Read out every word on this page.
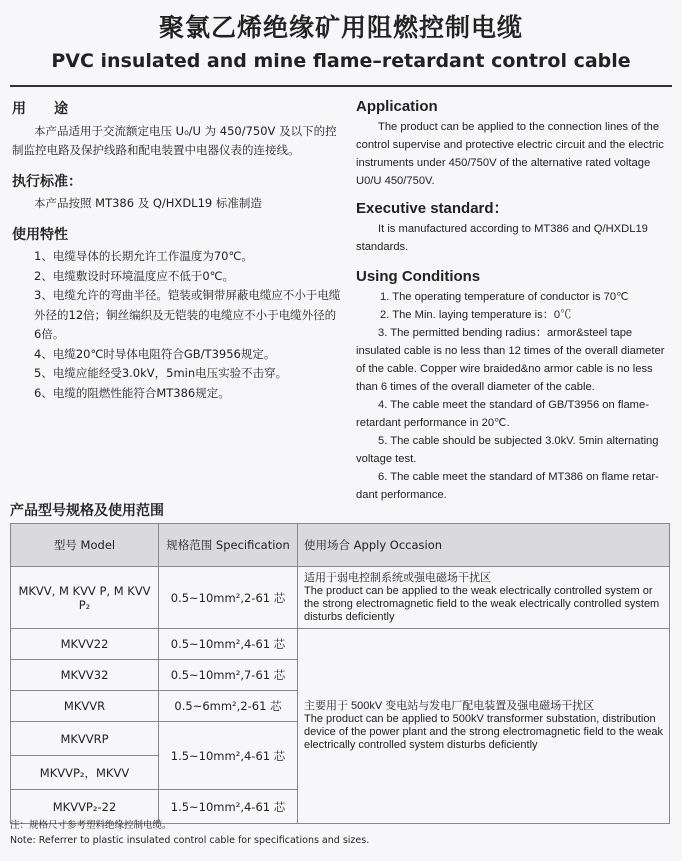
聚氯乙烯绝缘矿用阻燃控制电缆
PVC insulated and mine flame–retardant control cable
用　　途
本产品适用于交流额定电压 U₀/U 为 450/750V 及以下的控制监控电路及保护线路和配电装置中电器仪表的连接线。
执行标准：
本产品按照 MT386 及 Q/HXDL19 标准制造
使用特性
1、电缆导体的长期允许工作温度为70℃。
2、电缆敷设时环境温度应不低于0℃。
3、电缆允许的弯曲半径。铠装或铜带屏蔽电缆应不小于电缆外径的12倍；铜丝编织及无铠装的电缆应不小于电缆外径的6倍。
4、电缆20℃时导体电阻符合GB/T3956规定。
5、电缆应能经受3.0kV，5min电压实验不击穿。
6、电缆的阻燃性能符合MT386规定。
Application
The product can be applied to the connection lines of the control supervise and protective electric circuit and the electric instruments under 450/750V of the alternative rated voltage U0/U 450/750V.
Executive standard：
It is manufactured according to MT386 and Q/HXDL19 standards.
Using Conditions
1. The operating temperature of conductor is 70℃
2. The Min. laying temperature is：0℃
3. The permitted bending radius：armor&steel tape insulated cable is no less than 12 times of the overall diameter of the cable. Copper wire braided&no armor cable is no less than 6 times of the overall diameter of the cable.
4. The cable meet the standard of GB/T3956 on flame-retardant performance in 20℃.
5. The cable should be subjected 3.0kV. 5min alternating voltage test.
6. The cable meet the standard of MT386 on flame retar- dant performance.
产品型号规格及使用范围
型号 Model	规格范围 Specification	使用场合 Apply Occasion
MKVV, M KVV P, M KVV P₂	0.5~10mm²,2-61 芯	适用于弱电控制系统或强电磁场干扰区
The product can be applied to the weak electrically controlled system or the strong electromagnetic field to the weak electrically controlled system disturbs deficiently

MKVV22	0.5~10mm²,4-61 芯	主要用于 500kV 变电站与发电厂配电装置及强电磁场干扰区
The product can be applied to 500kV transformer substation, distribution device of the power plant and the strong electromagnetic field to the weak electrically controlled system disturbs deficiently

MKVV32	0.5~10mm²,7-61 芯	
MKVVR	0.5~6mm²,2-61 芯	
MKVVRP	1.5~10mm²,4-61 芯	
MKVVP₂，MKVV		
MKVVP₂-22	1.5~10mm²,4-61 芯	
注：规格尺寸参考塑料绝缘控制电缆。
Note: Referrer to plastic insulated control cable for specifications and sizes.
